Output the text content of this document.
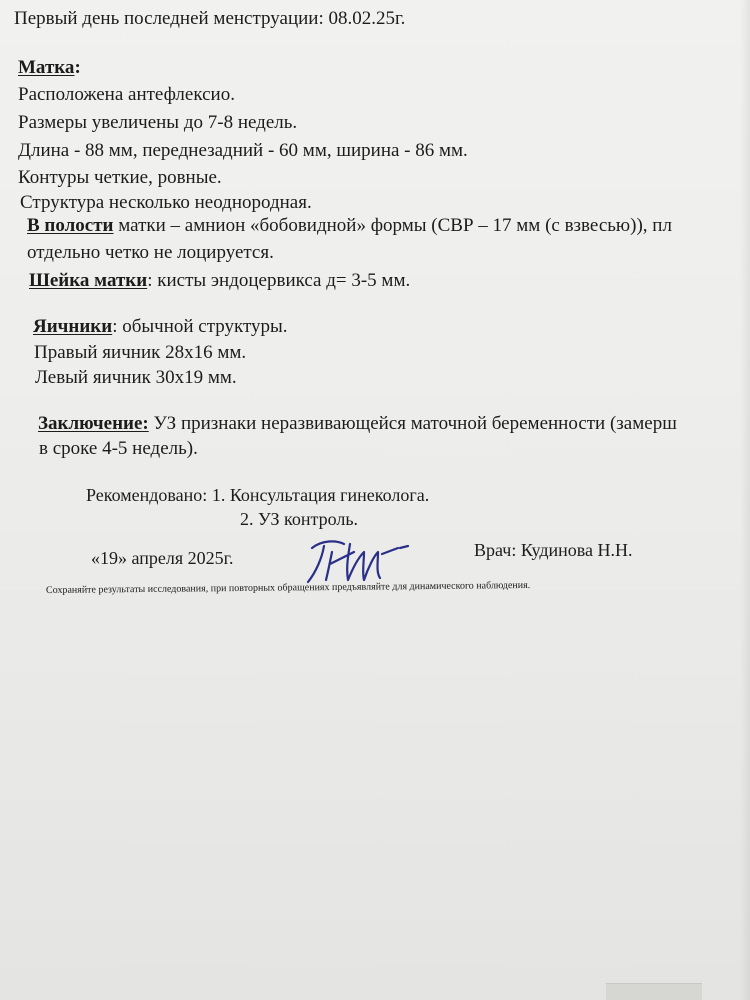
Первый день последней менструации: 08.02.25г.
Матка:
Расположена антефлексио.
Размеры увеличены до 7-8 недель.
Длина - 88 мм, переднезадний - 60 мм, ширина - 86 мм.
Контуры четкие, ровные.
Структура несколько неоднородная.
В полости матки – амнион «бобовидной» формы (СВР – 17 мм (с взвесью)), пл
отдельно четко не лоцируется.
Шейка матки: кисты эндоцервикса д= 3-5 мм.
Яичники: обычной структуры.
Правый яичник 28х16 мм.
Левый яичник 30х19 мм.
Заключение: УЗ признаки неразвивающейся маточной беременности (замерш
в сроке 4-5 недель).
Рекомендовано: 1. Консультация гинеколога.
2. УЗ контроль.
«19» апреля 2025г.	Врач: Кудинова Н.Н.
Сохраняйте результаты исследования, при повторных обращениях предъявляйте для динамического наблюдения.
